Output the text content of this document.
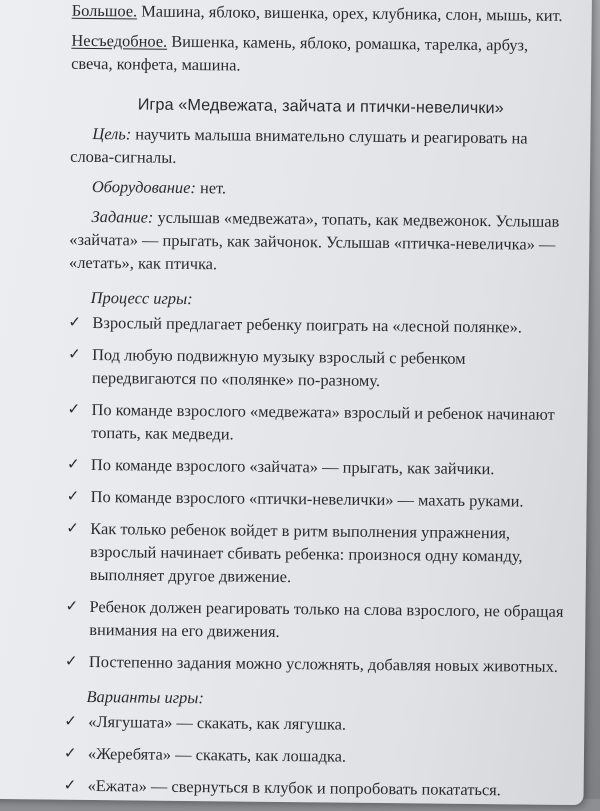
Большое. Машина, яблоко, вишенка, орех, клубника, слон, мышь, кит.

Несъедобное. Вишенка, камень, яблоко, ромашка, тарелка, арбуз, свеча, конфета, машина.

Игра «Медвежата, зайчата и птички-невелички»

Цель: научить малыша внимательно слушать и реагировать на слова-сигналы.

Оборудование: нет.

Задание: услышав «медвежата», топать, как медвежонок. Услышав «зайчата» — прыгать, как зайчонок. Услышав «птичка-невеличка» — «летать», как птичка.

Процесс игры:
✓ Взрослый предлагает ребенку поиграть на «лесной полянке».
✓ Под любую подвижную музыку взрослый с ребенком передвигаются по «полянке» по-разному.
✓ По команде взрослого «медвежата» взрослый и ребенок начинают топать, как медведи.
✓ По команде взрослого «зайчата» — прыгать, как зайчики.
✓ По команде взрослого «птички-невелички» — махать руками.
✓ Как только ребенок войдет в ритм выполнения упражнения, взрослый начинает сбивать ребенка: произнося одну команду, выполняет другое движение.
✓ Ребенок должен реагировать только на слова взрослого, не обращая внимания на его движения.
✓ Постепенно задания можно усложнять, добавляя новых животных.
Варианты игры:
✓ «Лягушата» — скакать, как лягушка.
✓ «Жеребята» — скакать, как лошадка.
✓ «Ежата» — свернуться в клубок и попробовать покататься.
